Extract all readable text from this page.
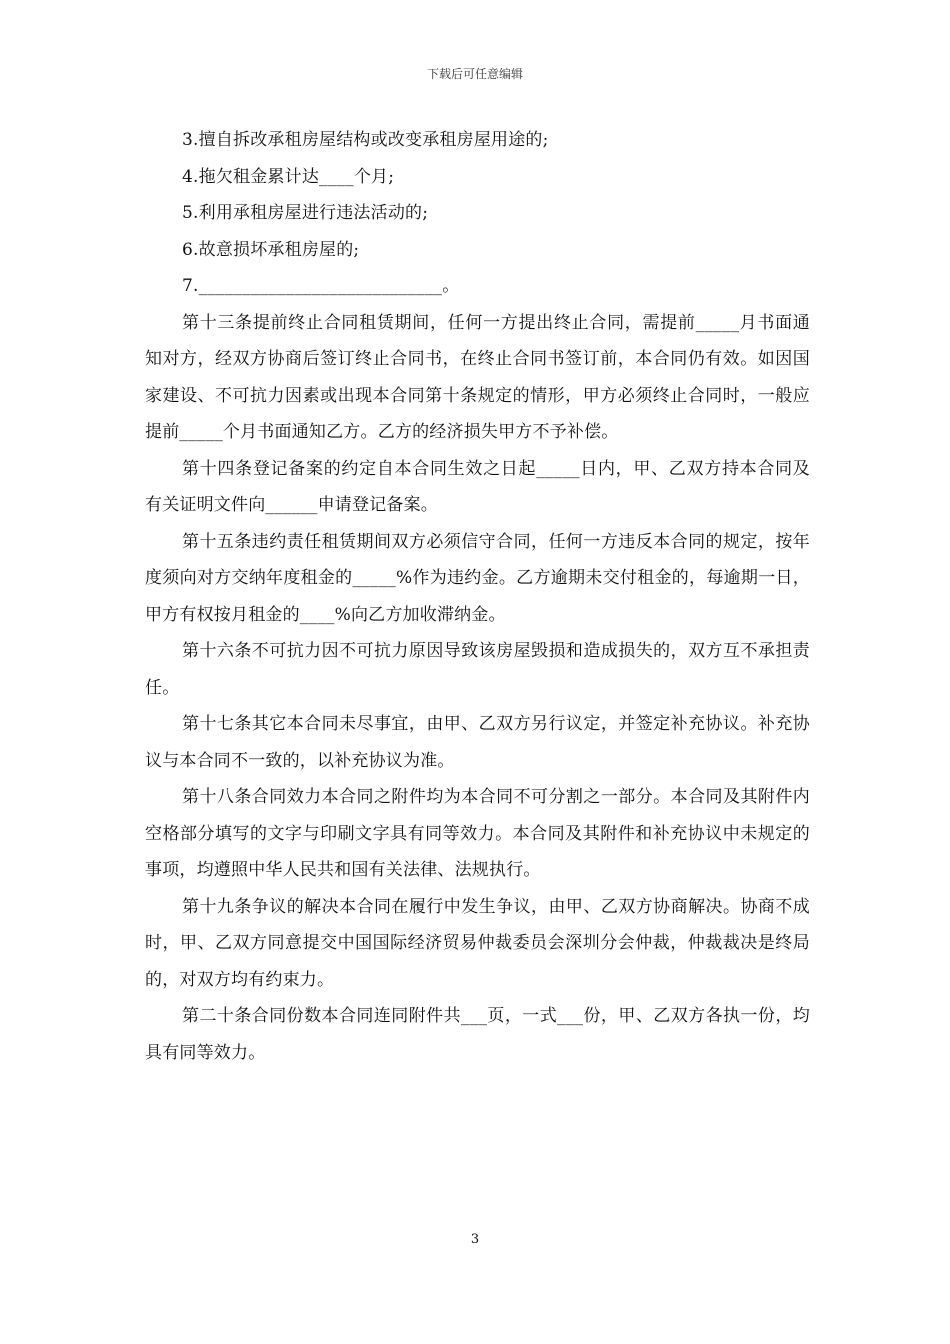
下载后可任意编辑

3.擅自拆改承租房屋结构或改变承租房屋用途的;

4.拖欠租金累计达____个月;

5.利用承租房屋进行违法活动的;

6.故意损坏承租房屋的;

7.____________________________。

第十三条提前终止合同租赁期间，任何一方提出终止合同，需提前_____月书面通知对方，经双方协商后签订终止合同书，在终止合同书签订前，本合同仍有效。如因国家建设、不可抗力因素或出现本合同第十条规定的情形，甲方必须终止合同时，一般应提前_____个月书面通知乙方。乙方的经济损失甲方不予补偿。

第十四条登记备案的约定自本合同生效之日起_____日内，甲、乙双方持本合同及有关证明文件向______申请登记备案。

第十五条违约责任租赁期间双方必须信守合同，任何一方违反本合同的规定，按年度须向对方交纳年度租金的_____%作为违约金。乙方逾期未交付租金的，每逾期一日，甲方有权按月租金的____%向乙方加收滞纳金。

第十六条不可抗力因不可抗力原因导致该房屋毁损和造成损失的，双方互不承担责任。

第十七条其它本合同未尽事宜，由甲、乙双方另行议定，并签定补充协议。补充协议与本合同不一致的，以补充协议为准。

第十八条合同效力本合同之附件均为本合同不可分割之一部分。本合同及其附件内空格部分填写的文字与印刷文字具有同等效力。本合同及其附件和补充协议中未规定的事项，均遵照中华人民共和国有关法律、法规执行。

第十九条争议的解决本合同在履行中发生争议，由甲、乙双方协商解决。协商不成时，甲、乙双方同意提交中国国际经济贸易仲裁委员会深圳分会仲裁，仲裁裁决是终局的，对双方均有约束力。

第二十条合同份数本合同连同附件共___页，一式___份，甲、乙双方各执一份，均具有同等效力。

3
